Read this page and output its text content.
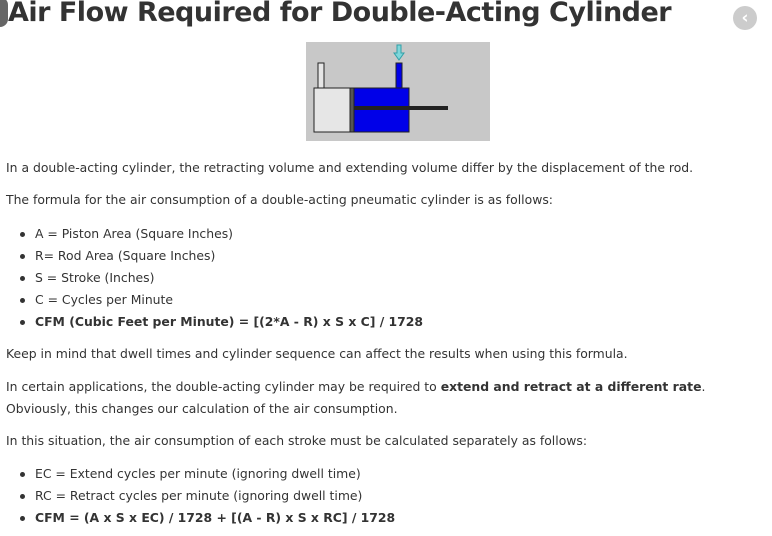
Air Flow Required for Double-Acting Cylinder	‹

In a double-acting cylinder, the retracting volume and extending volume differ by the displacement of the rod.

The formula for the air consumption of a double-acting pneumatic cylinder is as follows:

A = Piston Area (Square Inches)
R= Rod Area (Square Inches)
S = Stroke (Inches)
C = Cycles per Minute
CFM (Cubic Feet per Minute) = [(2*A - R) x S x C] / 1728

Keep in mind that dwell times and cylinder sequence can affect the results when using this formula.

In certain applications, the double-acting cylinder may be required to extend and retract at a different rate. Obviously, this changes our calculation of the air consumption.

In this situation, the air consumption of each stroke must be calculated separately as follows:

EC = Extend cycles per minute (ignoring dwell time)
RC = Retract cycles per minute (ignoring dwell time)
CFM = (A x S x EC) / 1728 + [(A - R) x S x RC] / 1728
